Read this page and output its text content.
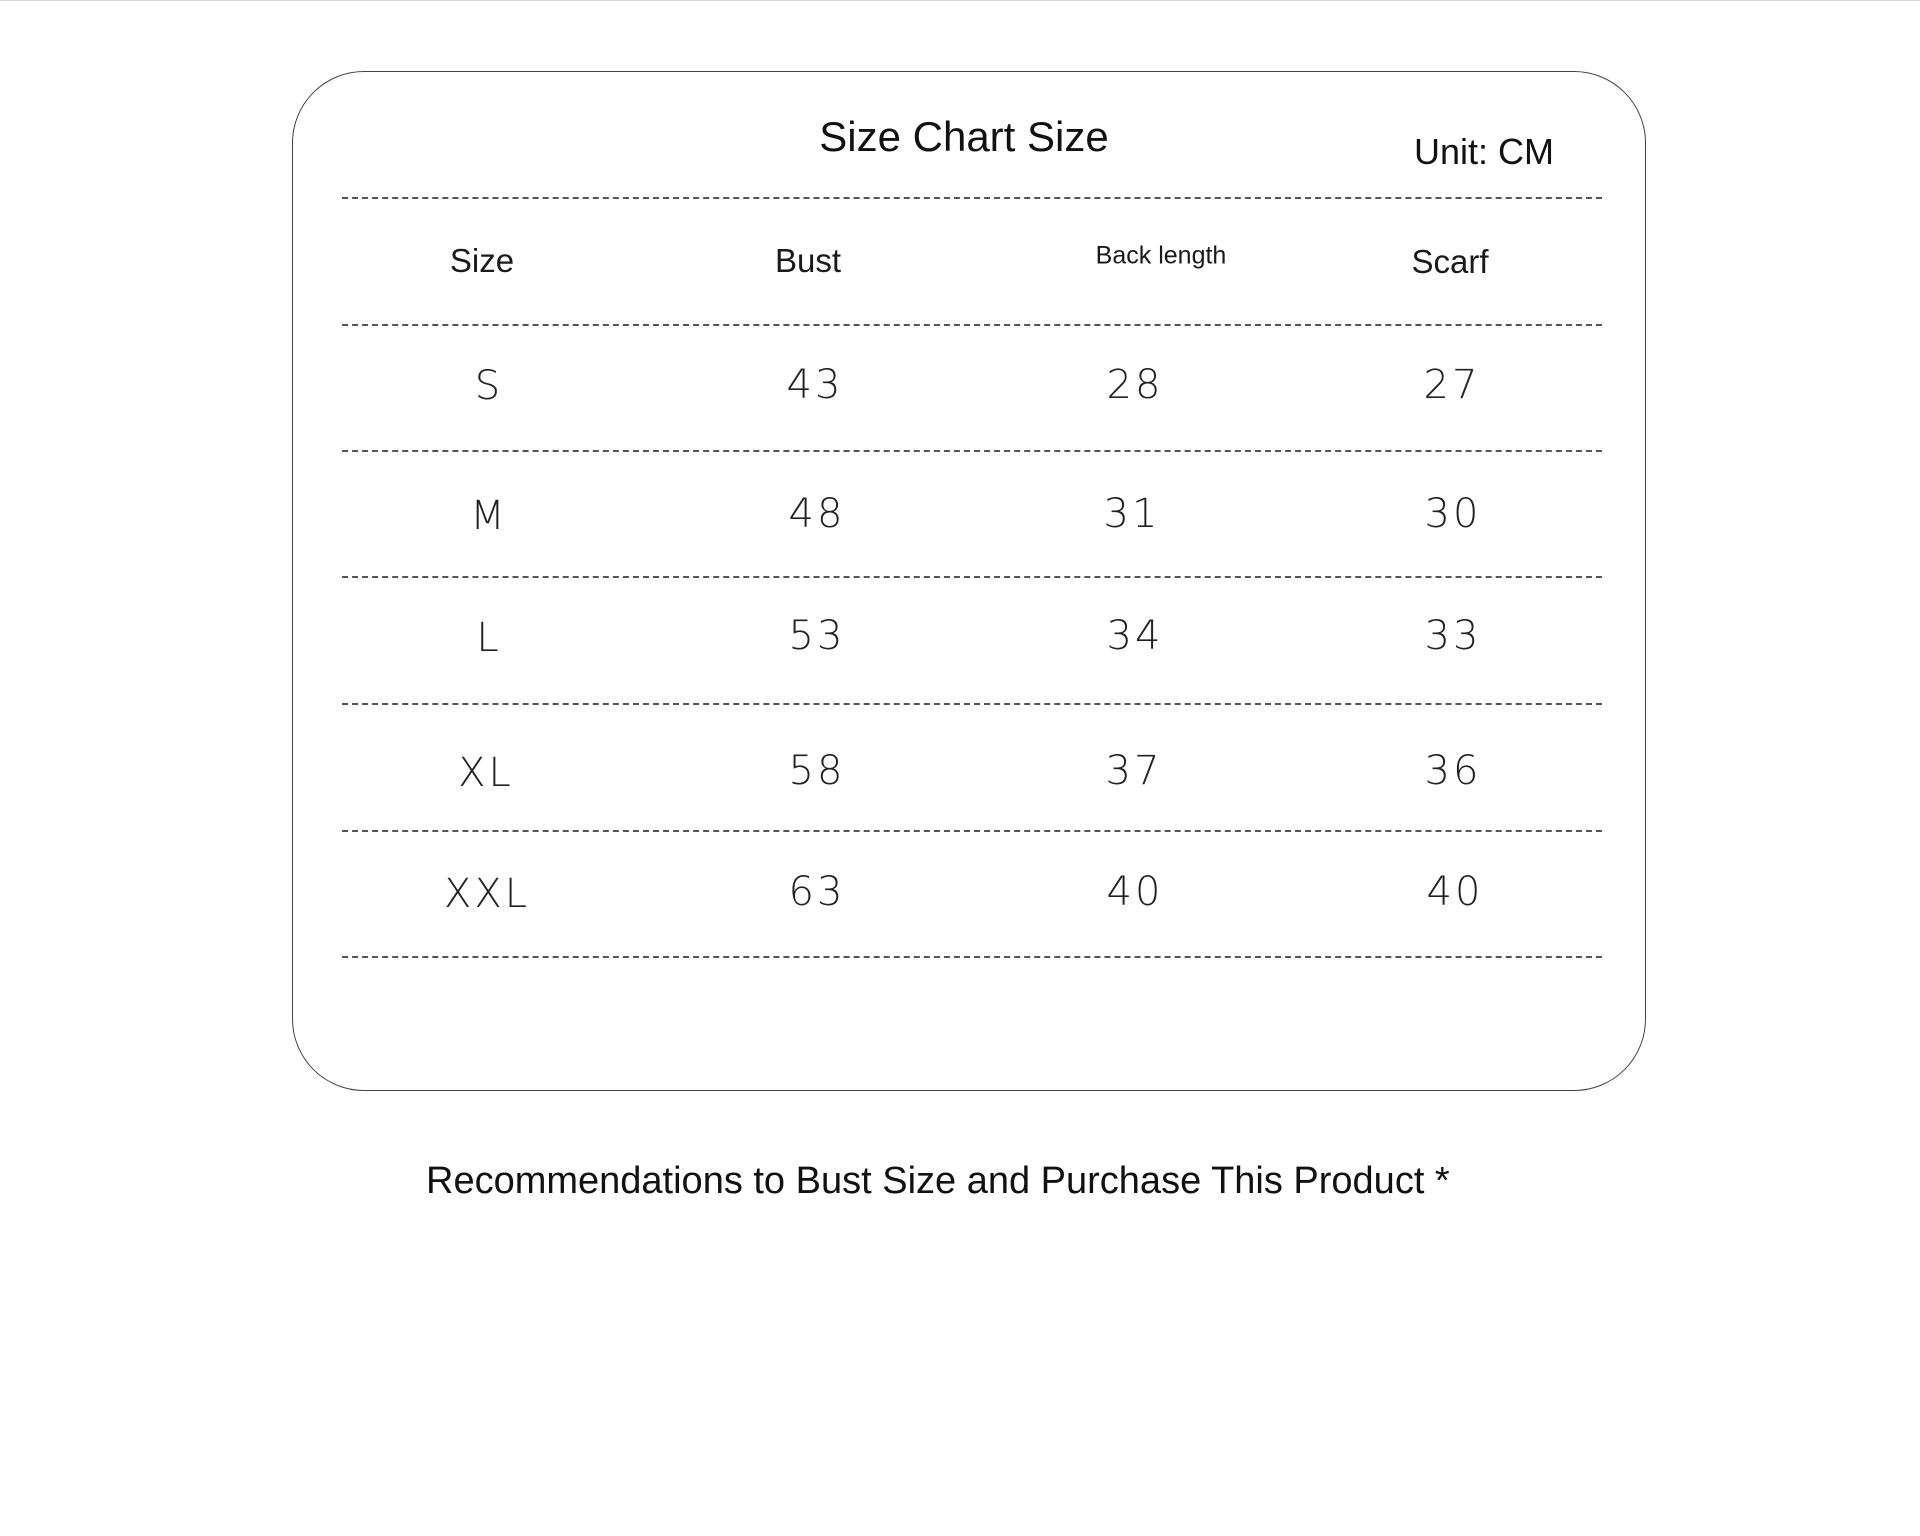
Size Chart Size	Unit: CM
Size	Bust	Back length	Scarf
S	43	28	27
M	48	31	30
L	53	34	33
XL	58	37	36
XXL	63	40	40
Recommendations to Bust Size and Purchase This Product *
